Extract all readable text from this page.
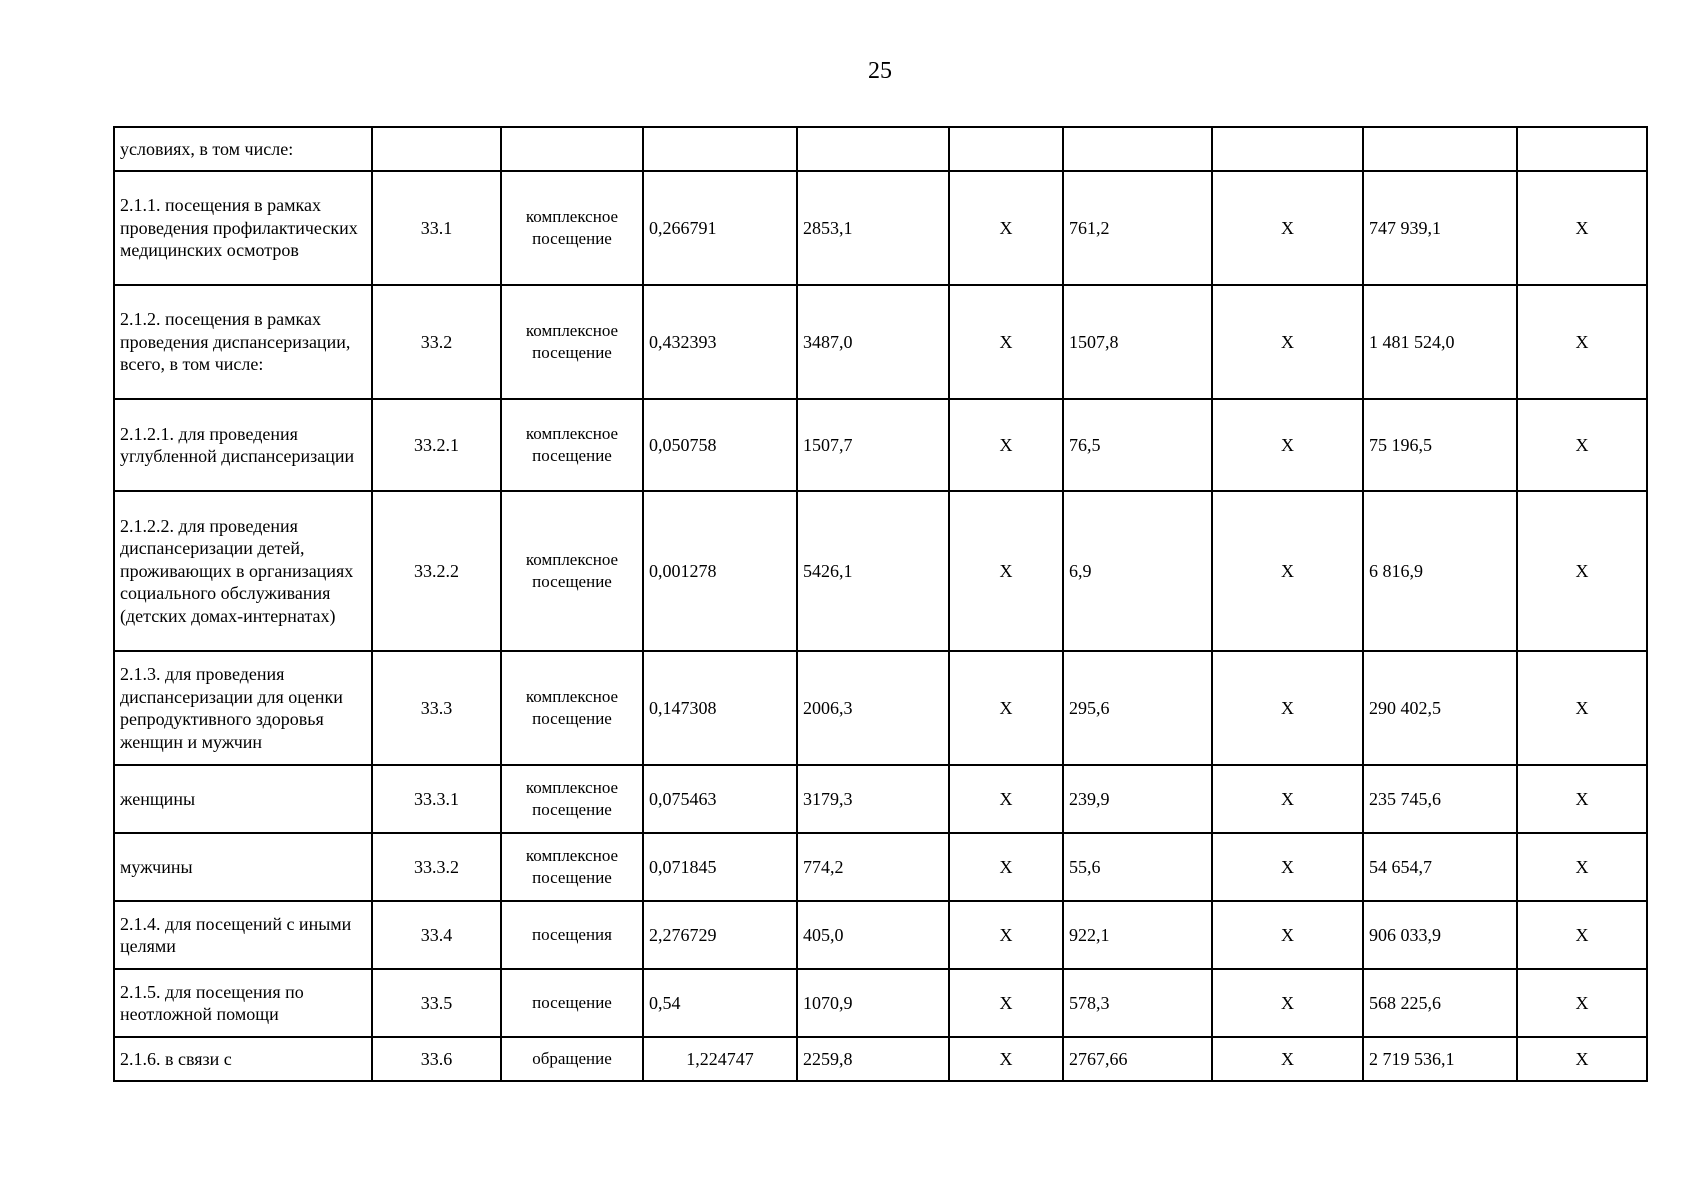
25
условиях, в том числе:									
2.1.1. посещения в рамках проведения профилактических медицинских осмотров	33.1	комплексное посещение	0,266791	2853,1	X	761,2	X	747 939,1	X
2.1.2. посещения в рамках проведения диспансеризации, всего, в том числе:	33.2	комплексное посещение	0,432393	3487,0	X	1507,8	X	1 481 524,0	X
2.1.2.1. для проведения углубленной диспансеризации	33.2.1	комплексное посещение	0,050758	1507,7	X	76,5	X	75 196,5	X
2.1.2.2. для проведения диспансеризации детей, проживающих в организациях социального обслуживания (детских домах-интернатах)	33.2.2	комплексное посещение	0,001278	5426,1	X	6,9	X	6 816,9	X
2.1.3. для проведения диспансеризации для оценки репродуктивного здоровья женщин и мужчин	33.3	комплексное посещение	0,147308	2006,3	X	295,6	X	290 402,5	X
женщины	33.3.1	комплексное посещение	0,075463	3179,3	X	239,9	X	235 745,6	X
мужчины	33.3.2	комплексное посещение	0,071845	774,2	X	55,6	X	54 654,7	X
2.1.4. для посещений с иными целями	33.4	посещения	2,276729	405,0	X	922,1	X	906 033,9	X
2.1.5. для посещения по неотложной помощи	33.5	посещение	0,54	1070,9	X	578,3	X	568 225,6	X
2.1.6. в связи с	33.6	обращение	1,224747	2259,8	X	2767,66	X	2 719 536,1	X
